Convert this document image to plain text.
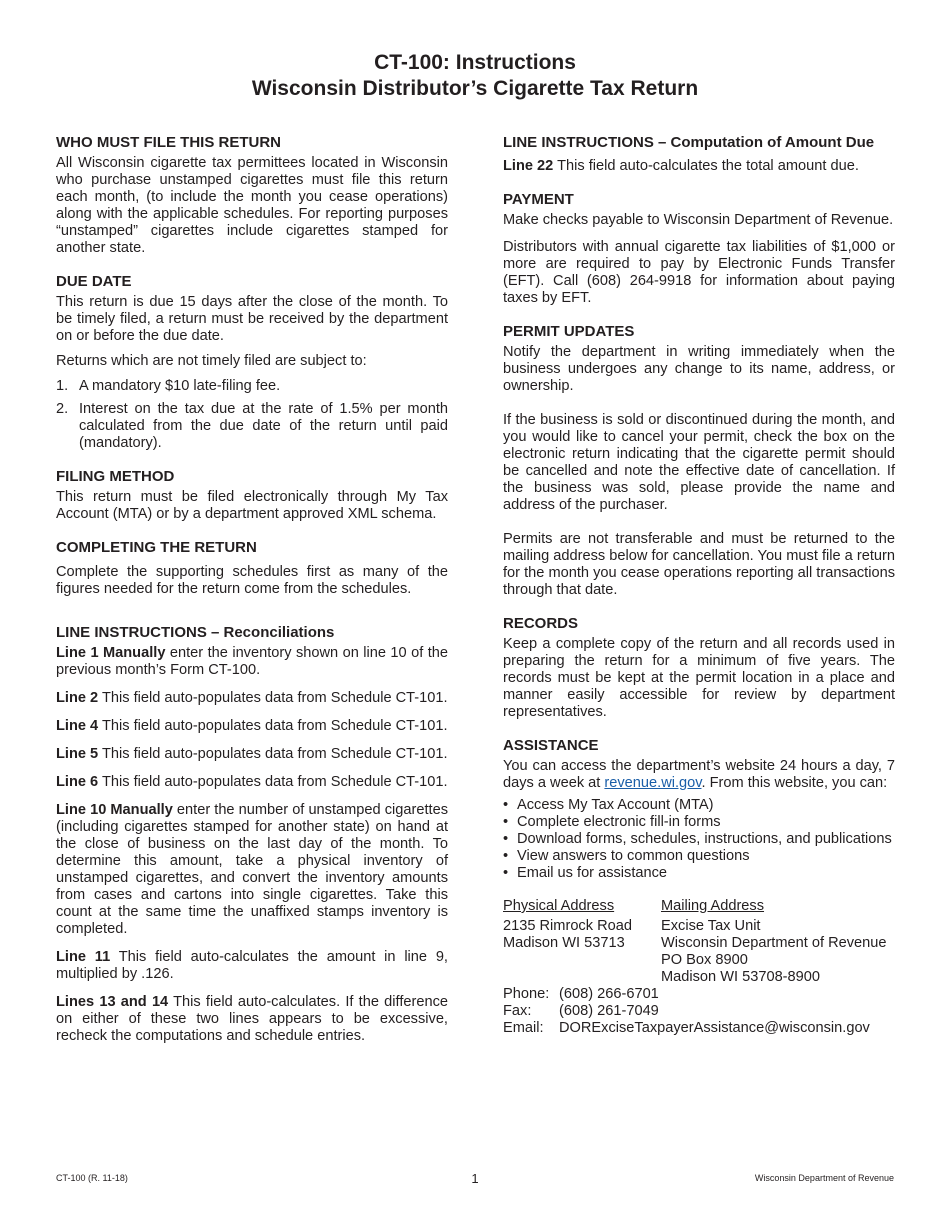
CT-100: Instructions
Wisconsin Distributor’s Cigarette Tax Return
WHO MUST FILE THIS RETURN

All Wisconsin cigarette tax permittees located in Wisconsin who purchase unstamped cigarettes must file this return each month, (to include the month you cease operations) along with the applicable schedules. For reporting purposes “unstamped” cigarettes include cigarettes stamped for another state.

DUE DATE

This return is due 15 days after the close of the month. To be timely filed, a return must be received by the department on or before the due date.

Returns which are not timely filed are subject to:

1. A mandatory $10 late-filing fee.
2. Interest on the tax due at the rate of 1.5% per month calculated from the due date of the return until paid (mandatory).
FILING METHOD

This return must be filed electronically through My Tax Account (MTA) or by a department approved XML schema.

COMPLETING THE RETURN

Complete the supporting schedules first as many of the figures needed for the return come from the schedules.

LINE INSTRUCTIONS – Reconciliations

Line 1 Manually enter the inventory shown on line 10 of the previous month’s Form CT-100.

Line 2 This field auto-populates data from Schedule CT-101.

Line 4 This field auto-populates data from Schedule CT-101.

Line 5 This field auto-populates data from Schedule CT-101.

Line 6 This field auto-populates data from Schedule CT-101.

Line 10 Manually enter the number of unstamped cigarettes (including cigarettes stamped for another state) on hand at the close of business on the last day of the month. To determine this amount, take a physical inventory of unstamped cigarettes, and convert the inventory amounts from cases and cartons into single cigarettes. Take this count at the same time the unaffixed stamps inventory is completed.

Line 11 This field auto-calculates the amount in line 9, multiplied by .126.

Lines 13 and 14 This field auto-calculates. If the difference on either of these two lines appears to be excessive, recheck the computations and schedule entries.

LINE INSTRUCTIONS – Computation of Amount Due

Line 22 This field auto-calculates the total amount due.

PAYMENT

Make checks payable to Wisconsin Department of Revenue.

Distributors with annual cigarette tax liabilities of $1,000 or more are required to pay by Electronic Funds Transfer (EFT). Call (608) 264-9918 for information about paying taxes by EFT.

PERMIT UPDATES

Notify the department in writing immediately when the business undergoes any change to its name, address, or ownership.

If the business is sold or discontinued during the month, and you would like to cancel your permit, check the box on the electronic return indicating that the cigarette permit should be cancelled and note the effective date of cancellation. If the business was sold, please provide the name and address of the purchaser.

Permits are not transferable and must be returned to the mailing address below for cancellation. You must file a return for the month you cease operations reporting all transactions through that date.

RECORDS

Keep a complete copy of the return and all records used in preparing the return for a minimum of five years. The records must be kept at the permit location in a place and manner easily accessible for review by department representatives.

ASSISTANCE

You can access the department’s website 24 hours a day, 7 days a week at revenue.wi.gov. From this website, you can:

• Access My Tax Account (MTA)
• Complete electronic fill-in forms
• Download forms, schedules, instructions, and publications
• View answers to common questions
• Email us for assistance
Physical Address
2135 Rimrock Road
Madison WI 53713
Mailing Address
Excise Tax Unit
Wisconsin Department of Revenue
PO Box 8900
Madison WI 53708-8900
Phone: (608) 266-6701
Fax:	(608) 261-7049
Email:	DORExciseTaxpayerAssistance@wisconsin.gov
CT-100 (R. 11-18)	1	Wisconsin Department of Revenue
